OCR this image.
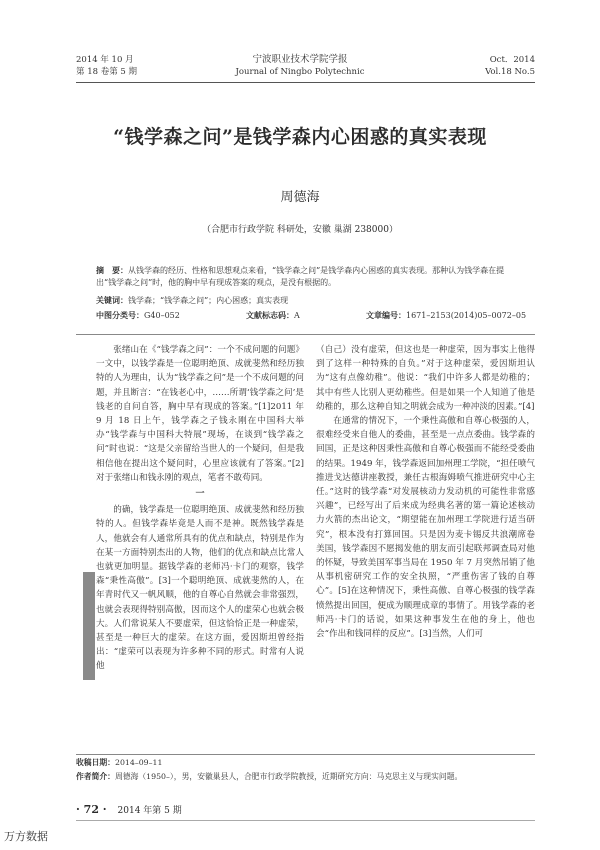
2014 年 10 月
第 18 卷第 5 期
宁波职业技术学院学报
Journal of Ningbo Polytechnic
Oct．2014
Vol.18 No.5
“钱学森之问”是钱学森内心困惑的真实表现
周德海
（合肥市行政学院 科研处，安徽 巢湖 238000）
摘　要：从钱学森的经历、性格和思想观点来看，“钱学森之问”是钱学森内心困惑的真实表现。那种认为钱学森在提出“钱学森之问”时，他的胸中早有现成答案的观点，是没有根据的。
关键词：钱学森；“钱学森之问”；内心困惑；真实表现
中图分类号：G40–052	文献标志码：A	文章编号：1671–2153(2014)05–0072–05

张绪山在《“钱学森之问”：一个不成问题的问题》一文中，以钱学森是一位聪明绝顶、成就斐然和经历独特的人为理由，认为“钱学森之问”是一个不成问题的问题，并且断言：“在钱老心中，……所谓‘钱学森之问’是钱老的自问自答，胸中早有现成的答案。”[1]2011 年 9 月 18 日上午，钱学森之子钱永刚在中国科大举办“钱学森与中国科大特展”现场，在谈到“钱学森之问”时也说：“这是父亲留给当世人的一个疑问，但是我相信他在提出这个疑问时，心里应该就有了答案。”[2]对于张绪山和钱永刚的观点，笔者不敢苟同。

一

的确，钱学森是一位聪明绝顶、成就斐然和经历独特的人。但钱学森毕竟是人而不是神。既然钱学森是人，他就会有人通常所具有的优点和缺点，特别是作为在某一方面特别杰出的人物，他们的优点和缺点比常人也就更加明显。据钱学森的老师冯·卡门的观察，钱学森“秉性高傲”。[3]一个聪明绝顶、成就斐然的人，在年青时代又一帆风顺，他的自尊心自然就会非常强烈，也就会表现得特别高傲，因而这个人的虚荣心也就会极大。人们常说某人不要虚荣，但这恰恰正是一种虚荣，甚至是一种巨大的虚荣。在这方面，爱因斯坦曾经指出：“虚荣可以表现为许多种不同的形式。时常有人说他

（自己）没有虚荣，但这也是一种虚荣，因为事实上他得到了这样一种特殊的自负。”对于这种虚荣，爱因斯坦认为“这有点像幼稚”。他说：“我们中许多人都是幼稚的；其中有些人比别人更幼稚些。但是如果一个人知道了他是幼稚的，那么这种自知之明就会成为一种冲淡的因素。”[4]

在通常的情况下，一个秉性高傲和自尊心极强的人，很难经受来自他人的委曲，甚至是一点点委曲。钱学森的回国，正是这种因秉性高傲和自尊心极强而不能经受委曲的结果。1949 年，钱学森返回加州理工学院，“担任喷气推进戈达德讲座教授，兼任古根海姆喷气推进研究中心主任。”这时的钱学森“对发展核动力发动机的可能性非常感兴趣”，已经写出了后来成为经典名著的第一篇论述核动力火箭的杰出论文，“期望能在加州理工学院进行适当研究”，根本没有打算回国。只是因为麦卡锡反共浪潮席卷美国，钱学森因不愿揭发他的朋友而引起联邦调查局对他的怀疑，导致美国军事当局在 1950 年 7 月突然吊销了他从事机密研究工作的安全执照，“严重伤害了钱的自尊心”。[5]在这种情况下，秉性高傲、自尊心极强的钱学森愤然提出回国，便成为顺理成章的事情了。用钱学森的老师冯·卡门的话说，如果这种事发生在他的身上，他也会“作出和钱同样的反应”。[3]当然，人们可

收稿日期：2014–09–11
作者简介：周德海（1950–），男，安徽巢县人，合肥市行政学院教授，近期研究方向：马克思主义与现实问题。
· 72 · 2014 年第 5 期
万方数据
